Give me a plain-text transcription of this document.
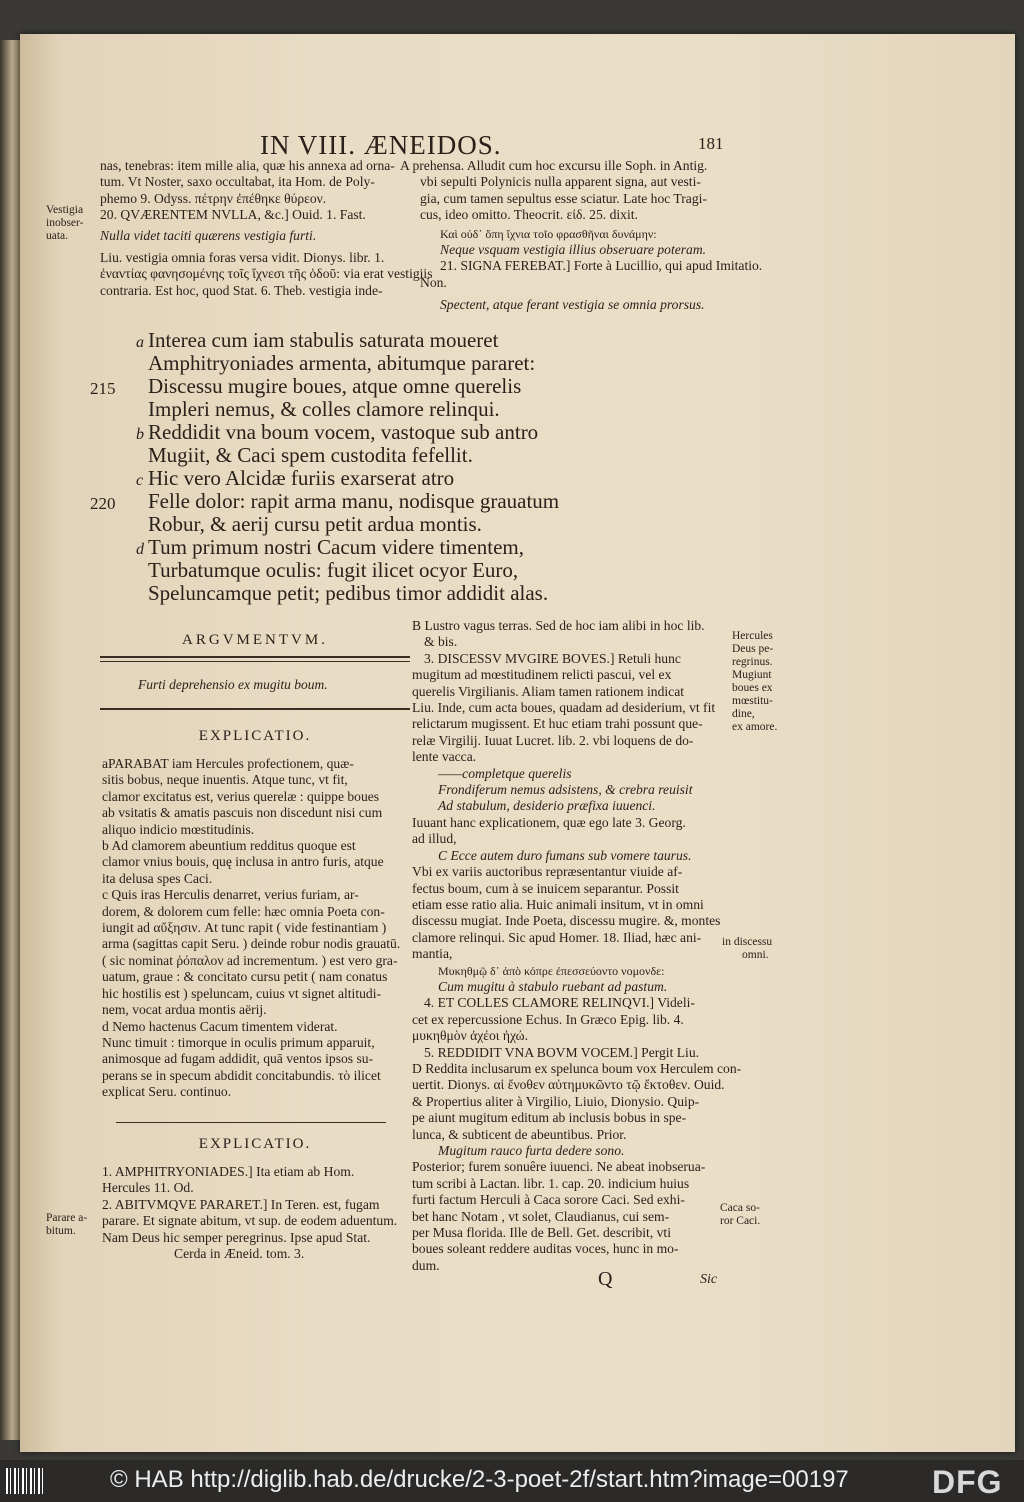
IN VIII. ÆNEIDOS.	181
nas, tenebras: item mille alia, quæ his annexa ad orna-
tum. Vt Noster, saxo occultabat, ita Hom. de Poly-
phemo 9. Odyss. πέτρην ἐπέθηκε θύρεον.
20. QVÆRENTEM NVLLA, &c.] Ouid. 1. Fast.
Nulla videt taciti quærens vestigia furti.
Liu. vestigia omnia foras versa vidit. Dionys. libr. 1.
ἐναντίας φανησομένης τοῖς ἴχνεσι τῆς ὁδοῦ: via erat vestigiis
contraria. Est hoc, quod Stat. 6. Theb. vestigia inde-
Vestigia
inobser-
uata.
A prehensa. Alludit cum hoc excursu ille Soph. in Antig.
vbi sepulti Polynicis nulla apparent signa, aut vesti-
gia, cum tamen sepultus esse sciatur. Late hoc Tragi-
cus, ideo omitto. Theocrit. εἰδ. 25. dixit.
Καὶ οὐδ᾽ ὅπη ἴχνια τοῖο φρασθῆναι δυνάμην:
Neque vsquam vestigia illius obseruare poteram.
21. SIGNA FEREBAT.] Forte à Lucillio, qui apud Imitatio.
Non.
Spectent, atque ferant vestigia se omnia prorsus.
a Interea cum iam stabulis saturata moueret
Amphitryoniades armenta, abitumque pararet:
215 Discessu mugire boues, atque omne querelis
Impleri nemus, & colles clamore relinqui.
b Reddidit vna boum vocem, vastoque sub antro
Mugiit, & Caci spem custodita fefellit.
c Hic vero Alcidæ furiis exarserat atro
220 Felle dolor: rapit arma manu, nodisque grauatum
Robur, & aerij cursu petit ardua montis.
d Tum primum nostri Cacum videre timentem,
Turbatumque oculis: fugit ilicet ocyor Euro,
Speluncamque petit; pedibus timor addidit alas.
ARGVMENTVM.
Furti deprehensio ex mugitu boum.
EXPLICATIO.
aPARABAT iam Hercules profectionem, quæ-
sitis bobus, neque inuentis. Atque tunc, vt fit,
clamor excitatus est, verius querelæ : quippe boues
ab vsitatis & amatis pascuis non discedunt nisi cum
aliquo indicio mœstitudinis.
b Ad clamorem abeuntium redditus quoque est
clamor vnius bouis, quę inclusa in antro furis, atque
ita delusa spes Caci.
c Quis iras Herculis denarret, verius furiam, ar-
dorem, & dolorem cum felle: hæc omnia Poeta con-
iungit ad αὔξησιν. At tunc rapit ( vide festinantiam )
arma (sagittas capit Seru. ) deinde robur nodis grauatū.
( sic nominat ῥόπαλον ad incrementum. ) est vero gra-
uatum, graue : & concitato cursu petit ( nam conatus
hic hostilis est ) speluncam, cuius vt signet altitudi-
nem, vocat ardua montis aërij.
d Nemo hactenus Cacum timentem viderat.
Nunc timuit : timorque in oculis primum apparuit,
animosque ad fugam addidit, quā ventos ipsos su-
perans se in specum abdidit concitabundis. τὸ ilicet
explicat Seru. continuo.
EXPLICATIO.
1. AMPHITRYONIADES.] Ita etiam ab Hom.
Hercules 11. Od.
2. ABITVMQVE PARARET.] In Teren. est, fugam
parare. Et signate abitum, vt sup. de eodem aduentum.
Nam Deus hic semper peregrinus. Ipse apud Stat.
Cerda in Æneid. tom. 3.
Parare a-
bitum.
B Lustro vagus terras. Sed de hoc iam alibi in hoc lib.
& bis.
3. DISCESSV MVGIRE BOVES.] Retuli hunc
mugitum ad mœstitudinem relicti pascui, vel ex
querelis Virgilianis. Aliam tamen rationem indicat
Liu. Inde, cum acta boues, quadam ad desiderium, vt fit
relictarum mugissent. Et huc etiam trahi possunt que-
relæ Virgilij. Iuuat Lucret. lib. 2. vbi loquens de do-
lente vacca.
——completque querelis
Frondiferum nemus adsistens, & crebra reuisit
Ad stabulum, desiderio præfixa iuuenci.
Iuuant hanc explicationem, quæ ego late 3. Georg.
ad illud,
C Ecce autem duro fumans sub vomere taurus.
Vbi ex variis auctoribus repræsentantur viuide af-
fectus boum, cum à se inuicem separantur. Possit
etiam esse ratio alia. Huic animali insitum, vt in omni
discessu mugiat. Inde Poeta, discessu mugire. &, montes
clamore relinqui. Sic apud Homer. 18. Iliad, hæc ani-
mantia,
Μυκηθμῷ δ᾽ ἀπὸ κόπρε ἐπεσσεύοντο νομονδε:
Cum mugitu à stabulo ruebant ad pastum.
4. ET COLLES CLAMORE RELINQVI.] Videli-
cet ex repercussione Echus. In Græco Epig. lib. 4.
μυκηθμὸν ἀχέοι ἠχώ.
5. REDDIDIT VNA BOVM VOCEM.] Pergit Liu.
D Reddita inclusarum ex spelunca boum vox Herculem con-
uertit. Dionys. αἱ ἔνοθεν αὐτημυκῶντο τῷ ἔκτοθεν. Ouid.
& Propertius aliter à Virgilio, Liuio, Dionysio. Quip-
pe aiunt mugitum editum ab inclusis bobus in spe-
lunca, & subticent de abeuntibus. Prior.
Mugitum rauco furta dedere sono.
Posterior; furem sonuêre iuuenci. Ne abeat inobserua-
tum scribi à Lactan. libr. 1. cap. 20. indicium huius
furti factum Herculi à Caca sorore Caci. Sed exhi-
bet hanc Notam , vt solet, Claudianus, cui sem-
per Musa florida. Ille de Bell. Get. describit, vti
boues soleant reddere auditas voces, hunc in mo-
dum.
Hercules
Deus pe-
regrinus.
Mugiunt
boues ex
mœstitu-
dine,
ex amore.
in discessu
omni.
Caca so-
ror Caci.
Q	Sic
© HAB http://diglib.hab.de/drucke/2-3-poet-2f/start.htm?image=00197	DFG
